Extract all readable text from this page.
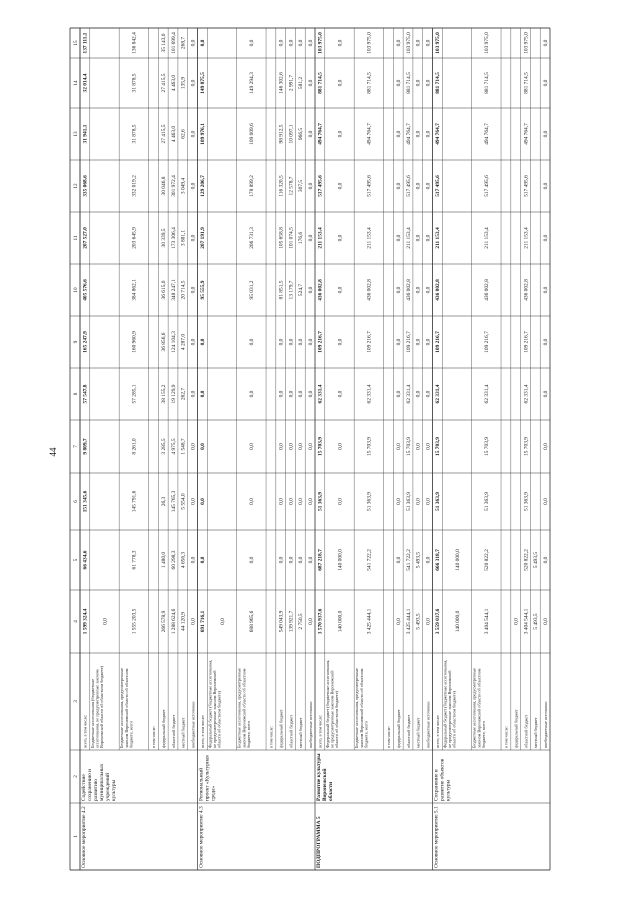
44
1
2
3
4
5
6
7
8
9
10
11
12
13
14
15
Основное мероприятие 4.2
Содействие сохранению и развитию муниципальных учреждений культуры
всего, в том числе:
1 599 324,4
66 434,6
151 345,6
9 809,7
57 547,8
165 247,9
405 576,6
207 527,0
335 068,6
31 941,1
32 014,4
137 111,1
Бюджетные ассигнования (бюджетные ассигнования, не предусмотренные законом Воронежской области об областном бюджете)
0,0
Бюджетные ассигнования, предусмотренные законом Воронежской области об областном бюджете, всего
1 555 203,5
61 778,3
145 791,6
8 261,0
57 285,1
160 960,9
384 862,1
203 645,9
332 019,2
31 878,5
31 878,5
136 842,4
в том числе: федеральный бюджет
266 578,9
1 480,0
26,3
3 285,5
38 155,2
36 856,6
36 615,0
30 339,5
30 046,8
27 415,5
27 415,5
35 143,0
областной бюджет
1 288 624,6
60 298,3
145 765,3
4 975,5
19 129,9
124 104,3
348 247,1
173 306,4
301 972,4
4 463,0
4 463,0
101 699,4
местный бюджет
44 120,9
4 656,3
5 554,0
1 548,7
262,7
4 287,0
20 714,5
3 881,1
3 049,4
62,6
135,9
268,7
внебюджетные источники
0,0
0,0
0,0
0,0
0,0
0,0
0,0
0,0
0,0
0,0
0,0
0,0
Основное мероприятие 4.3
Региональный проект «Культурная среда»
всего, в том числе:
691 716,1
0,0
0,0
0,0
0,0
0,0
95 555,9
207 191,9
129 206,7
109 976,1
149 875,5
0,0
Федеральный бюджет (бюджетные ассигнования, не предусмотренные законом Воронежской области об областном бюджете)
0,0
Бюджетные ассигнования, предусмотренные законом Воронежской области об областном бюджете, всего
688 965,6
0,0
0,0
0,0
0,0
0,0
95 031,2
206 731,3
178 899,2
109 009,6
149 294,3
0,0
в том числе: федеральный бюджет
549 043,9
0,0
0,0
0,0
0,0
0,0
81 851,5
105 658,8
116 320,5
98 912,5
146 302,6
0,0
областной бюджет
139 921,7
0,0
0,0
0,0
0,0
0,0
13 179,7
101 074,5
12 578,7
10 097,1
2 991,7
0,0
местный бюджет
2 750,5
0,0
0,0
0,0
0,0
0,0
524,7
176,6
307,5
966,5
581,2
0,0
внебюджетные источники
0,0
0,0
0,0
0,0
0,0
0,0
0,0
0,0
0,0
0,0
0,0
0,0
ПОДПРОГРАММА 5
Развитие культуры Воронежской области
всего, в том числе:
3 570 937,6
687 218,7
51 363,9
15 703,9
62 331,4
109 216,7
436 002,8
211 153,4
517 495,6
494 764,7
881 714,5
103 975,0
Федеральный бюджет (бюджетные ассигнования, не предусмотренные законом Воронежской области об областном бюджете)
140 000,0
140 000,0
0,0
0,0
0,0
0,0
0,0
0,0
0,0
0,0
0,0
0,0
Бюджетные ассигнования, предусмотренные законом Воронежской области об областном бюджете, всего
3 425 444,1
541 722,2
51 363,9
15 703,9
62 331,4
109 216,7
436 002,8
211 153,4
517 495,6
494 764,7
881 714,5
103 975,0
в том числе: федеральный бюджет
0,0
0,0
0,0
0,0
0,0
0,0
0,0
0,0
0,0
0,0
0,0
0,0
областной бюджет
3 425 444,1
541 722,2
51 363,9
15 703,9
62 331,4
109 216,7
436 002,8
211 153,4
517 495,6
494 764,7
881 714,5
103 975,0
местный бюджет
5 493,5
5 493,5
0,0
0,0
0,0
0,0
0,0
0,0
0,0
0,0
0,0
0,0
внебюджетные источники
0,0
0,0
0,0
0,0
0,0
0,0
0,0
0,0
0,0
0,0
0,0
0,0
Основное мероприятие 5.1
Сохранение и развитие объектов культуры
всего, в том числе:
3 559 037,6
666 318,7
51 363,9
15 703,9
62 331,4
109 216,7
436 002,8
211 153,4
517 495,6
494 764,7
881 714,5
103 975,0
Федеральный бюджет (бюджетные ассигнования, не предусмотренные законом Воронежской области об областном бюджете)
140 000,0
140 000,0
Бюджетные ассигнования, предусмотренные законом Воронежской области об областном бюджете, всего
3 404 544,1
520 822,2
51 363,9
15 703,9
62 331,4
109 216,7
436 002,8
211 153,4
517 495,6
494 764,7
881 714,5
103 975,0
в том числе: федеральный бюджет
0,0
областной бюджет
3 404 544,1
520 822,2
51 363,9
15 703,9
62 331,4
109 216,7
436 002,8
211 153,4
517 495,6
494 764,7
881 714,5
103 975,0
местный бюджет
5 493,5
5 493,5
внебюджетные источники
0,0
0,0
0,0
0,0
0,0
0,0
0,0
0,0
0,0
0,0
0,0
0,0
